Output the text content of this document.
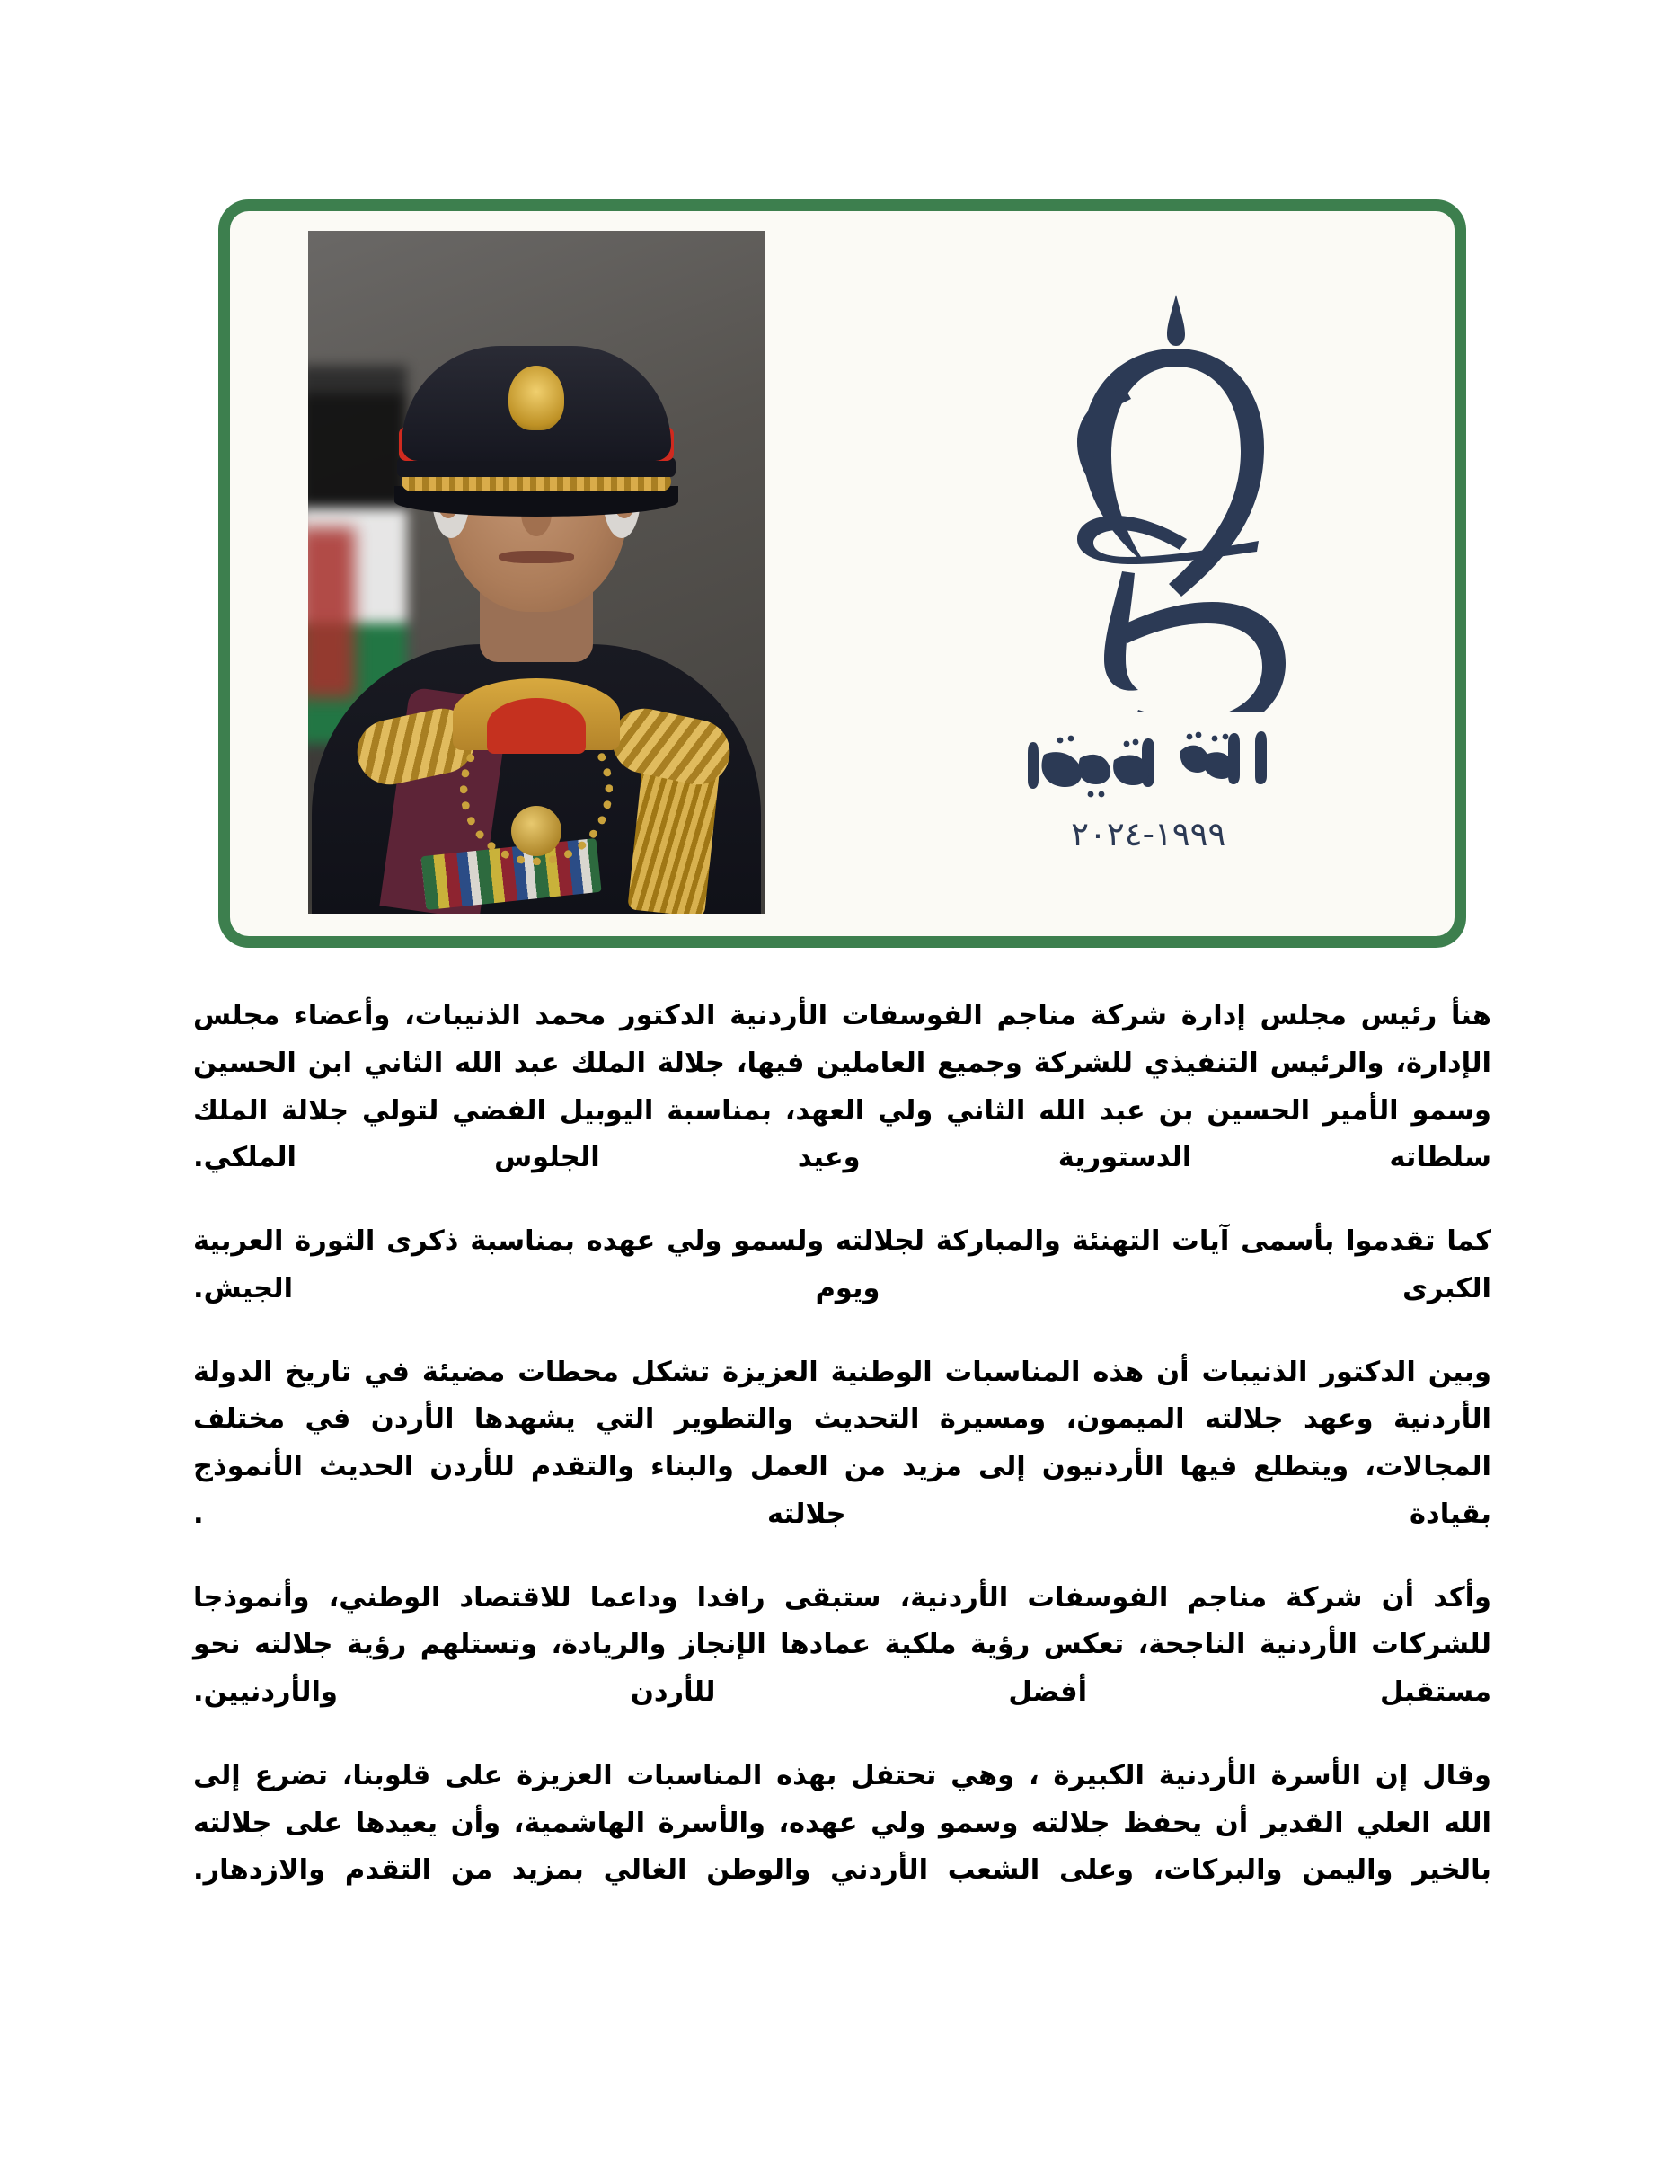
٢٠٢٤-١٩٩٩

هنأ رئيس مجلس إدارة شركة مناجم الفوسفات الأردنية الدكتور محمد الذنيبات، وأعضاء مجلس الإدارة، والرئيس التنفيذي للشركة وجميع العاملين فيها، جلالة الملك عبد الله الثاني ابن الحسين وسمو الأمير الحسين بن عبد الله الثاني ولي العهد، بمناسبة اليوبيل الفضي لتولي جلالة الملك سلطاته الدستورية وعيد الجلوس الملكي.

كما تقدموا بأسمى آيات التهنئة والمباركة لجلالته ولسمو ولي عهده بمناسبة ذكرى الثورة العربية الكبرى ويوم الجيش.

وبين الدكتور الذنيبات أن هذه المناسبات الوطنية العزيزة تشكل محطات مضيئة في تاريخ الدولة الأردنية وعهد جلالته الميمون، ومسيرة التحديث والتطوير التي يشهدها الأردن في مختلف المجالات، ويتطلع فيها الأردنيون إلى مزيد من العمل والبناء والتقدم للأردن الحديث الأنموذج بقيادة جلالته .

وأكد أن شركة مناجم الفوسفات الأردنية، ستبقى رافدا وداعما للاقتصاد الوطني، وأنموذجا للشركات الأردنية الناجحة، تعكس رؤية ملكية عمادها الإنجاز والريادة، وتستلهم رؤية جلالته نحو مستقبل أفضل للأردن والأردنيين.

وقال إن الأسرة الأردنية الكبيرة ، وهي تحتفل بهذه المناسبات العزيزة على قلوبنا، تضرع إلى الله العلي القدير أن يحفظ جلالته وسمو ولي عهده، والأسرة الهاشمية، وأن يعيدها على جلالته بالخير واليمن والبركات، وعلى الشعب الأردني والوطن الغالي بمزيد من التقدم والازدهار.
